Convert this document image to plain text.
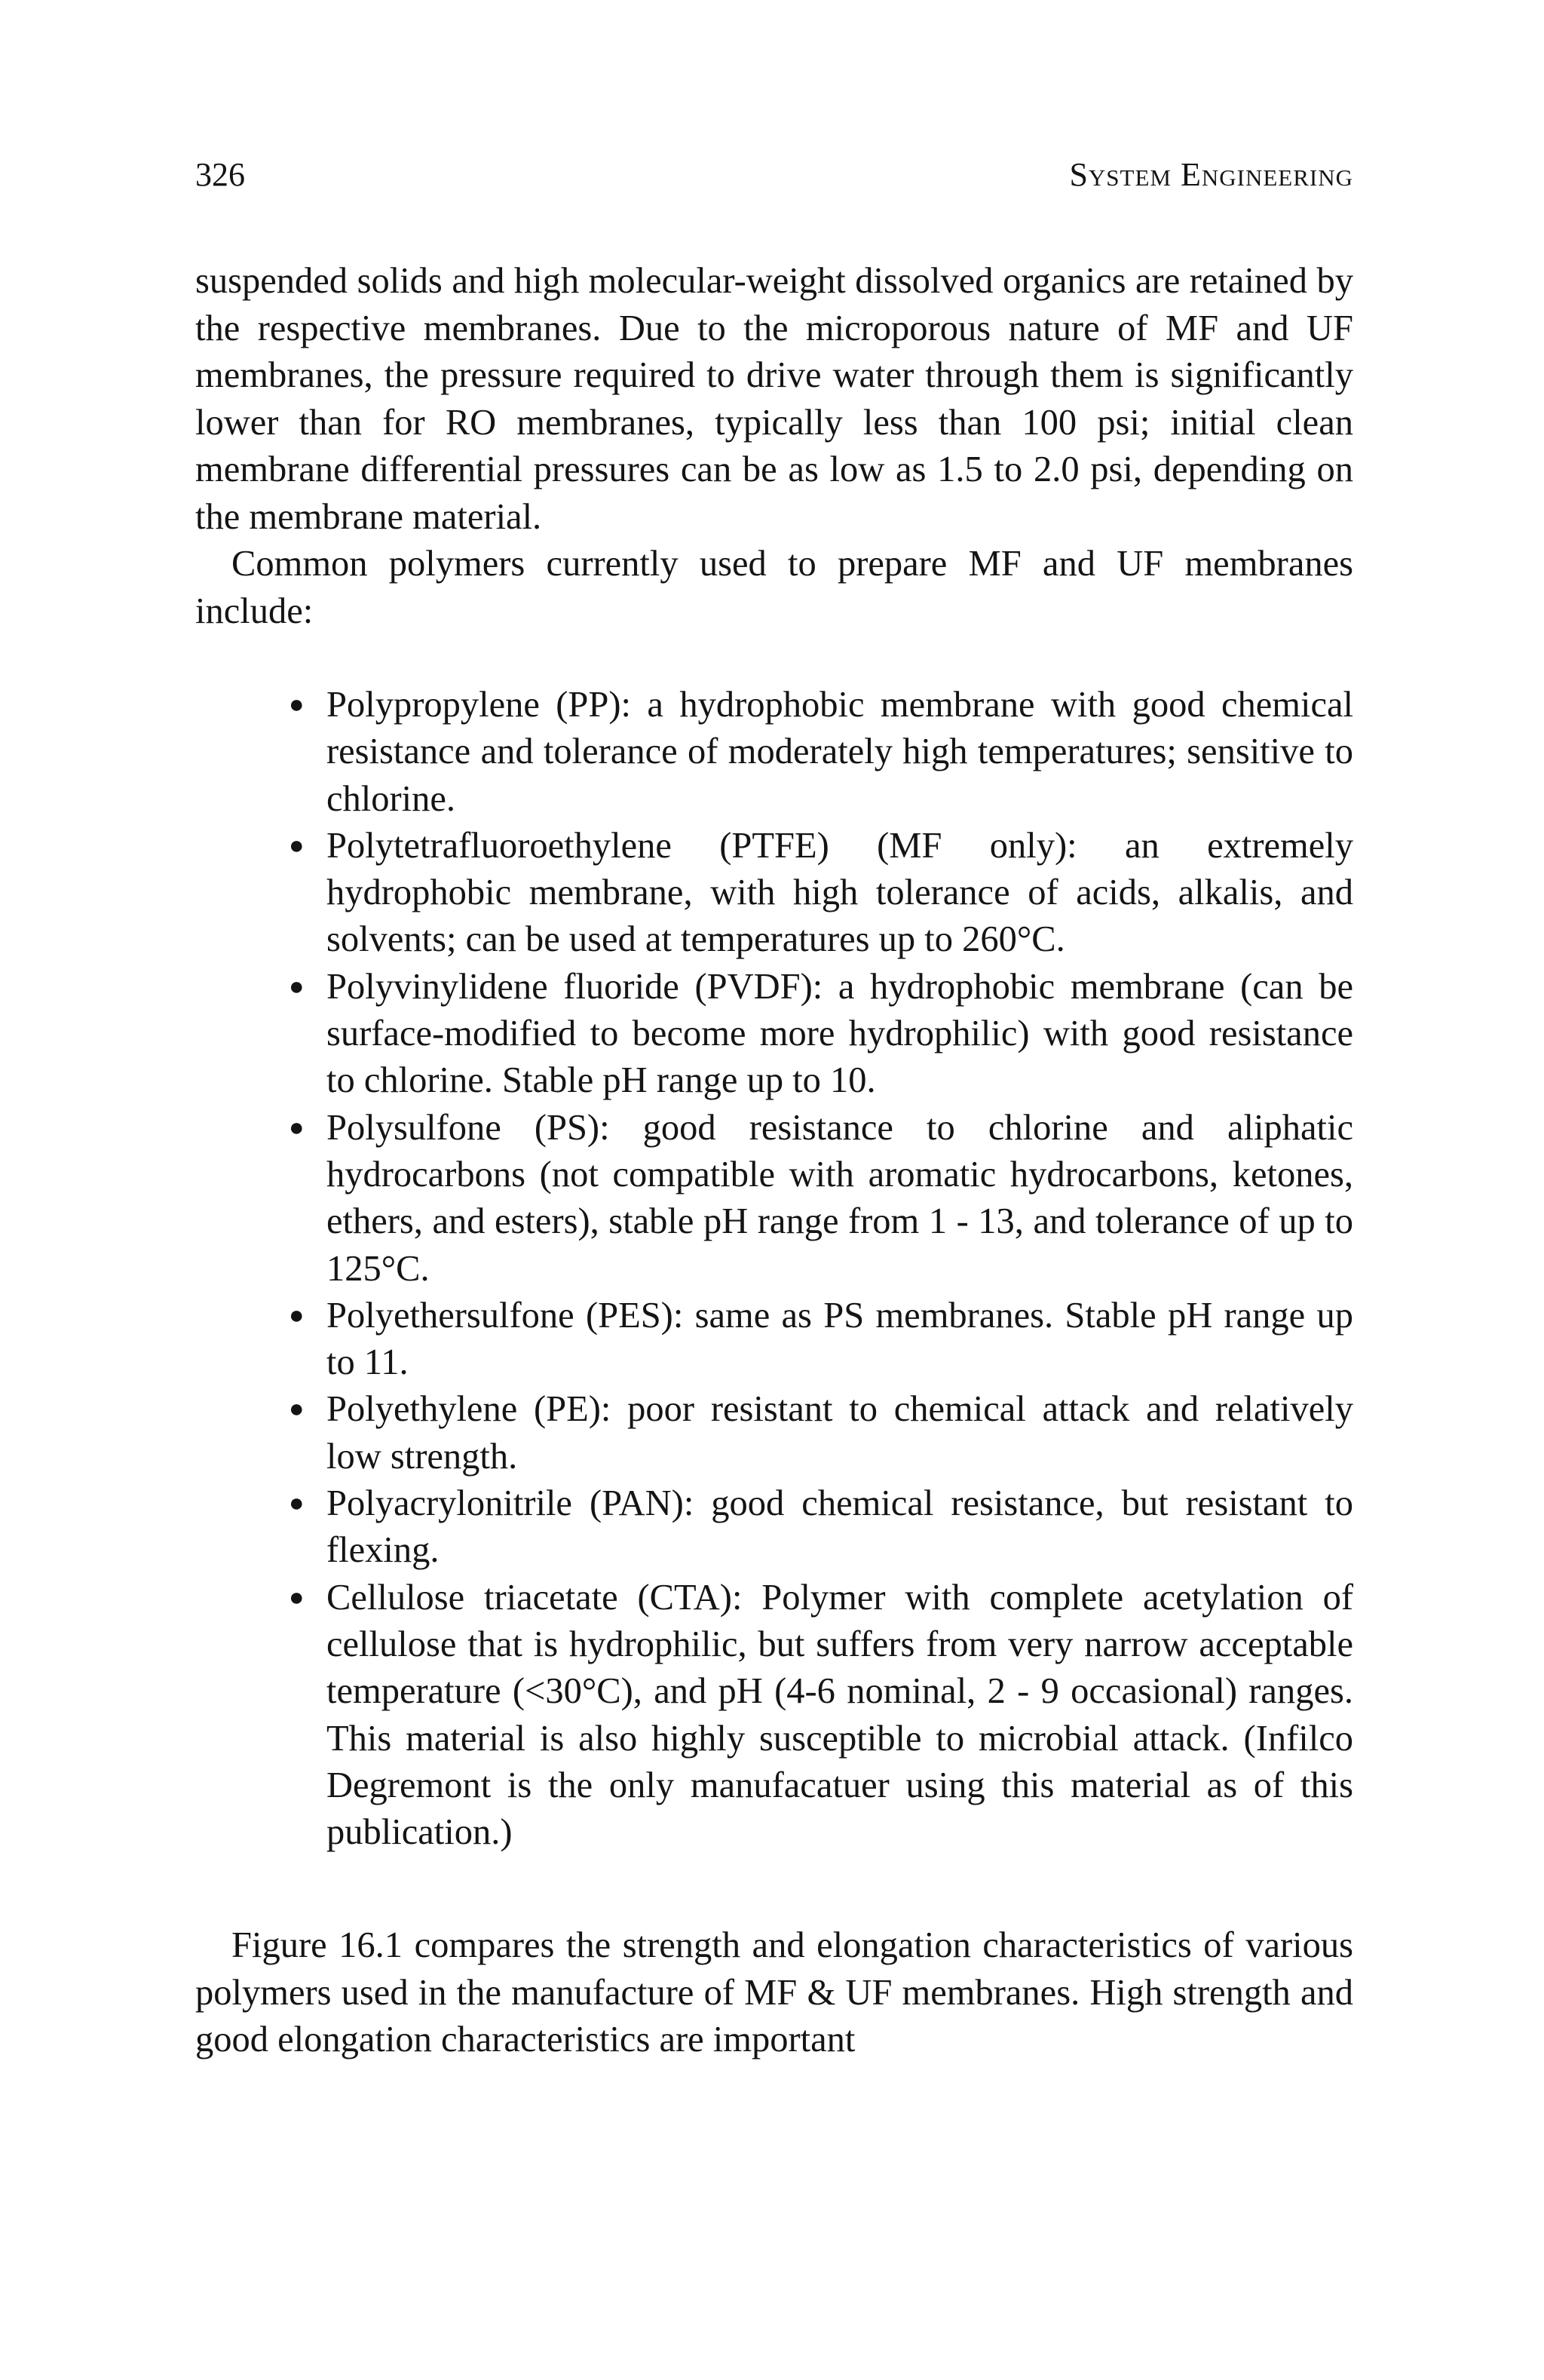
326	System Engineering

suspended solids and high molecular-weight dissolved organics are retained by the respective membranes. Due to the microporous nature of MF and UF membranes, the pressure required to drive water through them is significantly lower than for RO membranes, typically less than 100 psi; initial clean membrane differential pressures can be as low as 1.5 to 2.0 psi, depending on the membrane material.

Common polymers currently used to prepare MF and UF membranes include:

● Polypropylene (PP): a hydrophobic membrane with good chemical resistance and tolerance of moderately high temperatures; sensitive to chlorine.
● Polytetrafluoroethylene (PTFE) (MF only): an extremely hydrophobic membrane, with high tolerance of acids, alkalis, and solvents; can be used at temperatures up to 260°C.
● Polyvinylidene fluoride (PVDF): a hydrophobic membrane (can be surface-modified to become more hydrophilic) with good resistance to chlorine. Stable pH range up to 10.
● Polysulfone (PS): good resistance to chlorine and aliphatic hydrocarbons (not compatible with aromatic hydrocarbons, ketones, ethers, and esters), stable pH range from 1 - 13, and tolerance of up to 125°C.
● Polyethersulfone (PES): same as PS membranes. Stable pH range up to 11.
● Polyethylene (PE): poor resistant to chemical attack and relatively low strength.
● Polyacrylonitrile (PAN): good chemical resistance, but resistant to flexing.
● Cellulose triacetate (CTA): Polymer with complete acetylation of cellulose that is hydrophilic, but suffers from very narrow acceptable temperature (<30°C), and pH (4-6 nominal, 2 - 9 occasional) ranges. This material is also highly susceptible to microbial attack. (Infilco Degremont is the only manufacatuer using this material as of this publication.)

Figure 16.1 compares the strength and elongation characteristics of various polymers used in the manufacture of MF & UF membranes. High strength and good elongation characteristics are important
